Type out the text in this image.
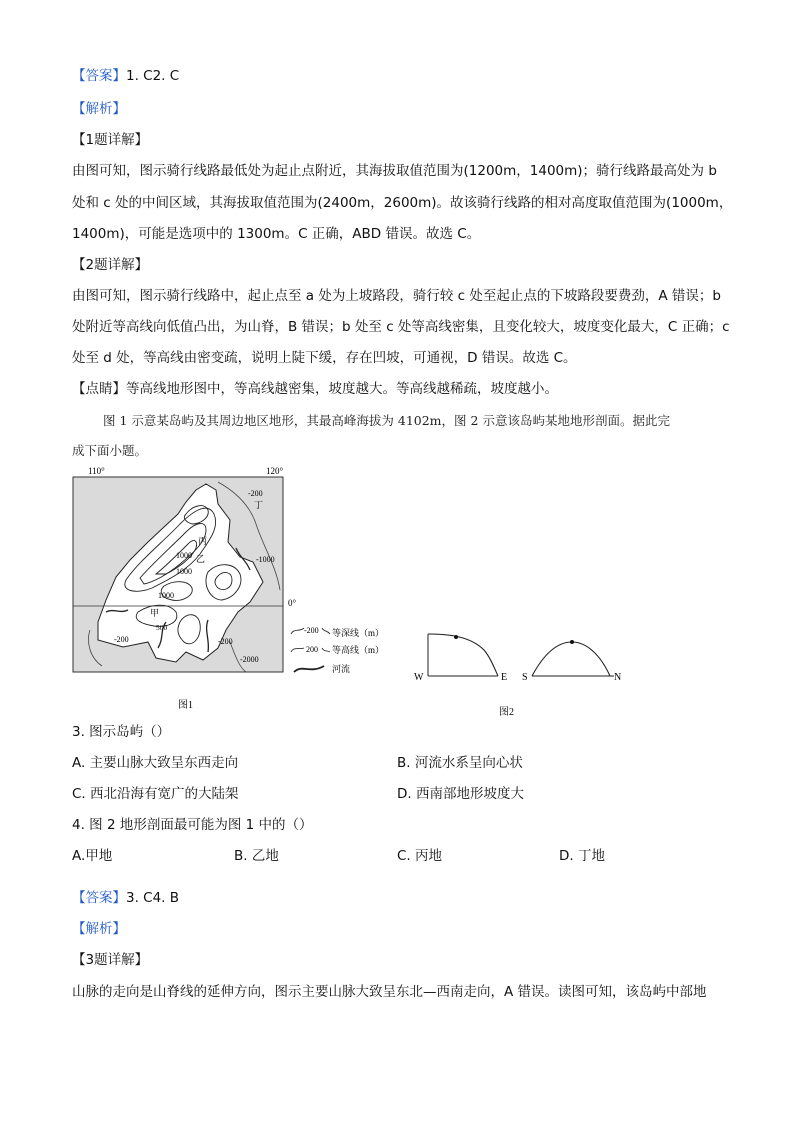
【答案】1. C2. C
【解析】
【1题详解】
由图可知，图示骑行线路最低处为起止点附近，其海拔取值范围为(1200m，1400m)；骑行线路最高处为 b
处和 c 处的中间区域，其海拔取值范围为(2400m，2600m)。故该骑行线路的相对高度取值范围为(1000m，
1400m)，可能是选项中的 1300m。C 正确，ABD 错误。故选 C。
【2题详解】
由图可知，图示骑行线路中，起止点至 a 处为上坡路段，骑行较 c 处至起止点的下坡路段要费劲，A 错误；b
处附近等高线向低值凸出，为山脊，B 错误；b 处至 c 处等高线密集，且变化较大，坡度变化最大，C 正确；c
处至 d 处，等高线由密变疏，说明上陡下缓，存在凹坡，可通视，D 错误。故选 C。
【点睛】等高线地形图中，等高线越密集，坡度越大。等高线越稀疏，坡度越小。
图 1 示意某岛屿及其周边地区地形，其最高峰海拔为 4102m，图 2 示意该岛屿某地地形剖面。据此完
成下面小题。
110°	120°
0°
-200
丁
-1000
丙
乙
1000
1000
1000
甲
500
-200	-200
-2000
-200 等深线（m）
200 等高线（m）
河流
图1
W	E S	N
图2
3. 图示岛屿（）
A. 主要山脉大致呈东西走向	B. 河流水系呈向心状
C. 西北沿海有宽广的大陆架	D. 西南部地形坡度大
4. 图 2 地形剖面最可能为图 1 中的（）
A.甲地	B. 乙地	C. 丙地	D. 丁地
【答案】3. C4. B
【解析】
【3题详解】
山脉的走向是山脊线的延伸方向，图示主要山脉大致呈东北—西南走向，A 错误。读图可知，该岛屿中部地
